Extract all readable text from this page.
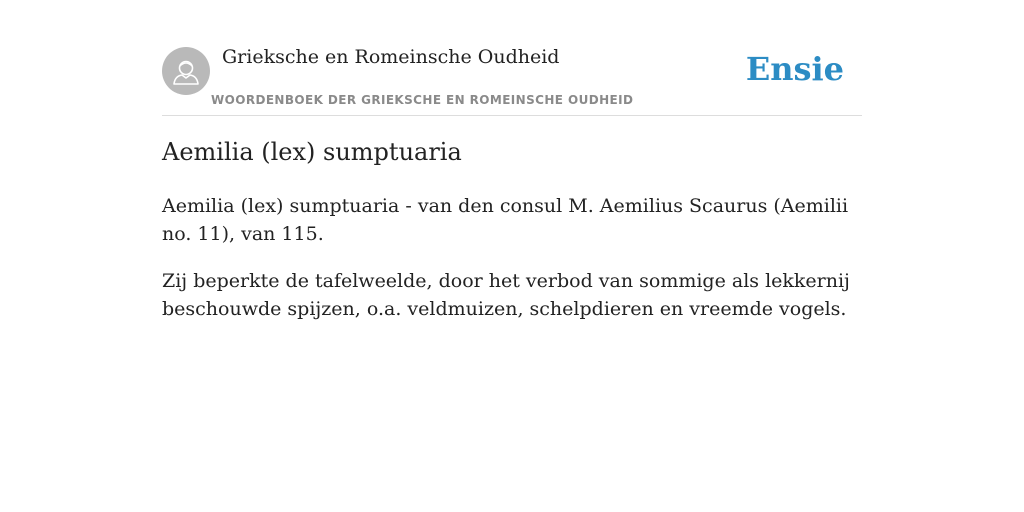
Grieksche en Romeinsche Oudheid
WOORDENBOEK DER GRIEKSCHE EN ROMEINSCHE OUDHEID
Ensie
Aemilia (lex) sumptuaria

Aemilia (lex) sumptuaria - van den consul M. Aemilius Scaurus (Aemilii no. 11), van 115.

Zij beperkte de tafelweelde, door het verbod van sommige als lekkernij beschouwde spijzen, o.a. veldmuizen, schelpdieren en vreemde vogels.
